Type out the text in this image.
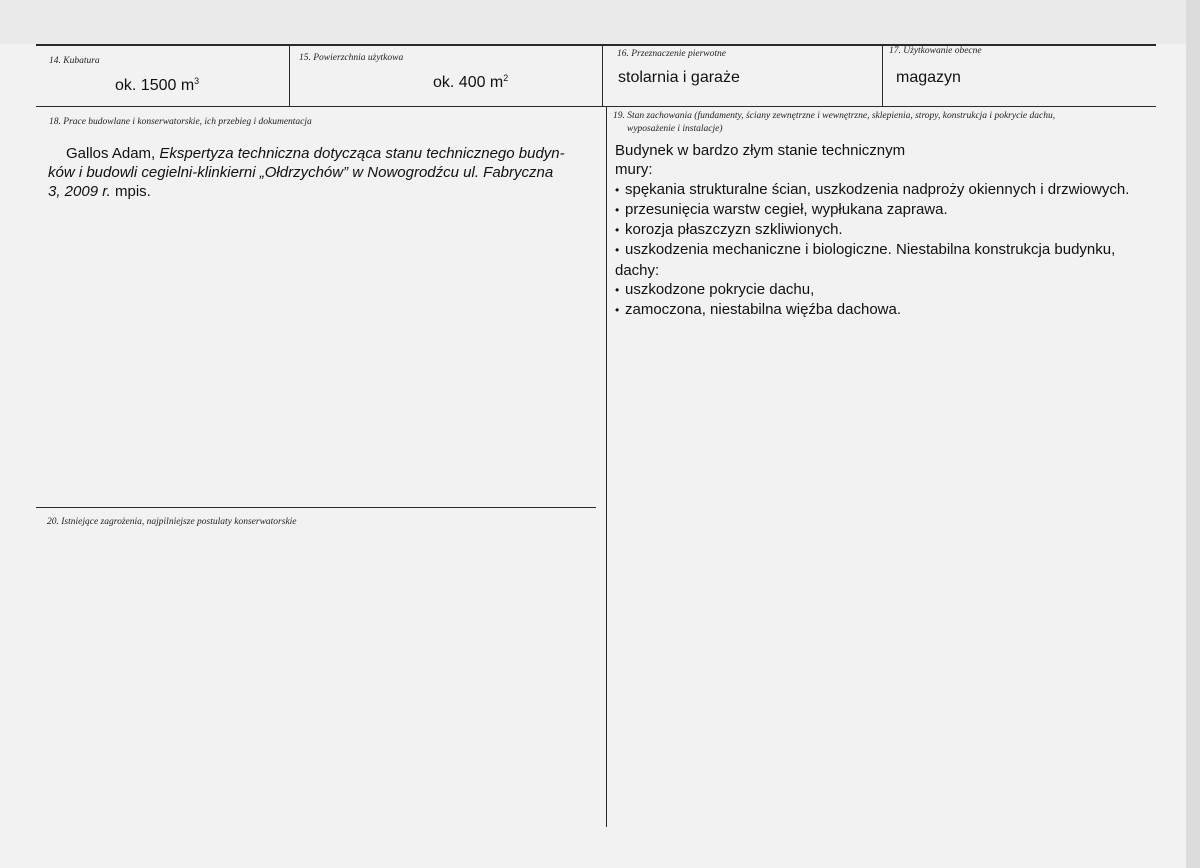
14. Kubatura
ok. 1500 $m^3$
15. Powierzchnia użytkowa
ok. 400 $m^2$
16. Przeznaczenie pierwotne
stolarnia i garaże
17. Użytkowanie obecne
magazyn
18. Prace budowlane i konserwatorskie, ich przebieg i dokumentacja
Gallos Adam, Ekspertyza techniczna dotycząca stanu technicznego budyn-
ków i budowli cegielni-klinkierni „Ołdrzychów” w Nowogrodźcu ul. Fabryczna
3, 2009 r. mpis.
19. Stan zachowania (fundamenty, ściany zewnętrzne i wewnętrzne, sklepienia, stropy, konstrukcja i pokrycie dachu,
wyposażenie i instalacje)
Budynek w bardzo złym stanie technicznym
mury:
• spękania strukturalne ścian, uszkodzenia nadproży okiennych i drzwiowych.
• przesunięcia warstw cegieł, wypłukana zaprawa.
• korozja płaszczyzn szkliwionych.
• uszkodzenia mechaniczne i biologiczne. Niestabilna konstrukcja budynku,
dachy:
• uszkodzone pokrycie dachu,
• zamoczona, niestabilna więźba dachowa.
20. Istniejące zagrożenia, najpilniejsze postulaty konserwatorskie
